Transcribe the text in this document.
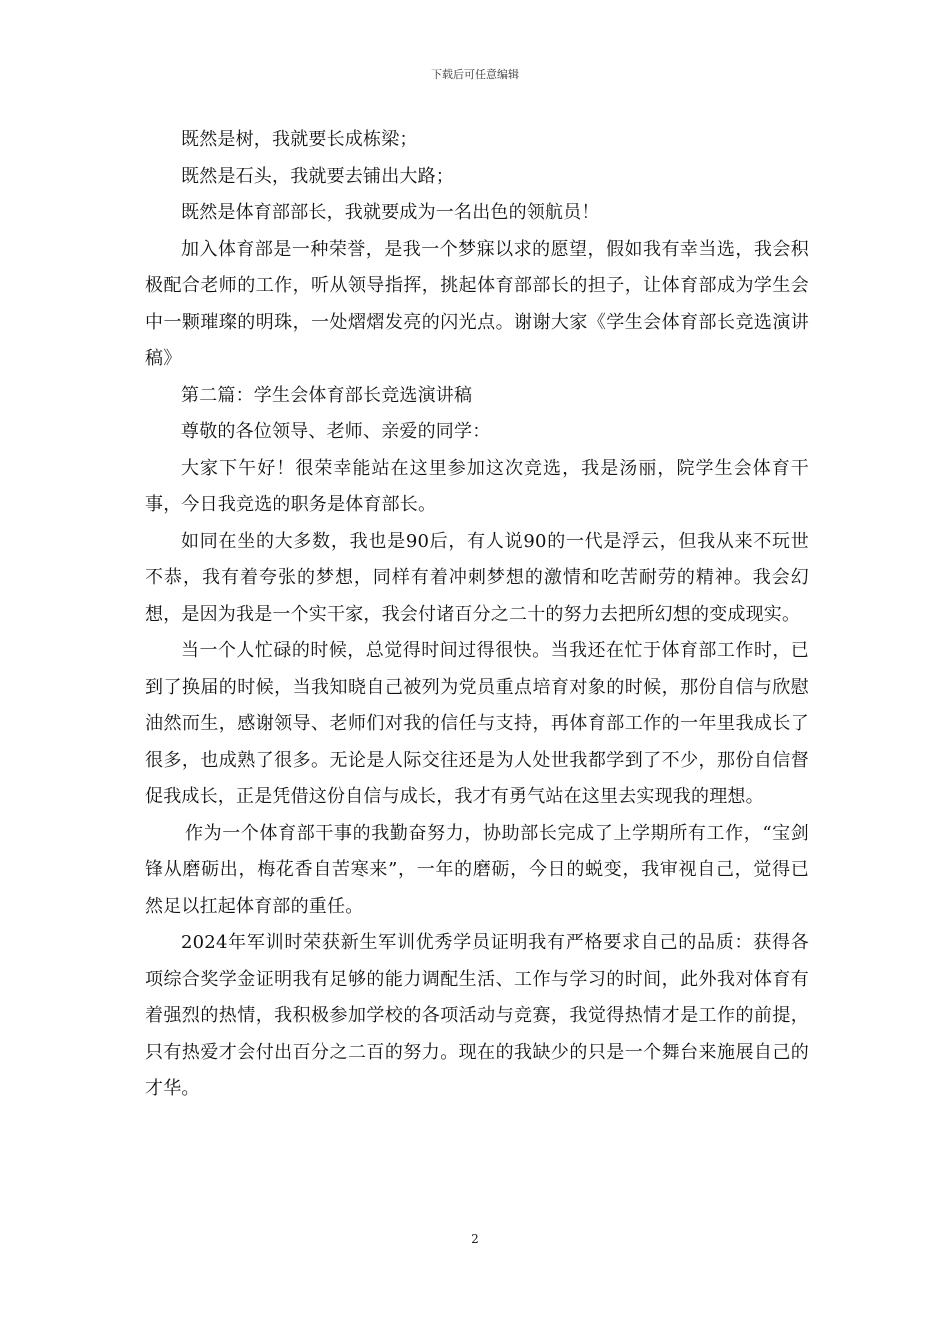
下载后可任意编辑

既然是树，我就要长成栋梁；

既然是石头，我就要去铺出大路；

既然是体育部部长，我就要成为一名出色的领航员！

加入体育部是一种荣誉，是我一个梦寐以求的愿望，假如我有幸当选，我会积极配合老师的工作，听从领导指挥，挑起体育部部长的担子，让体育部成为学生会中一颗璀璨的明珠，一处熠熠发亮的闪光点。谢谢大家《学生会体育部长竞选演讲稿》

第二篇：学生会体育部长竞选演讲稿

尊敬的各位领导、老师、亲爱的同学：

大家下午好！很荣幸能站在这里参加这次竞选，我是汤丽，院学生会体育干事，今日我竞选的职务是体育部长。

如同在坐的大多数，我也是90后，有人说90的一代是浮云，但我从来不玩世不恭，我有着夸张的梦想，同样有着冲刺梦想的激情和吃苦耐劳的精神。我会幻想，是因为我是一个实干家，我会付诸百分之二十的努力去把所幻想的变成现实。

当一个人忙碌的时候，总觉得时间过得很快。当我还在忙于体育部工作时，已到了换届的时候，当我知晓自己被列为党员重点培育对象的时候，那份自信与欣慰油然而生，感谢领导、老师们对我的信任与支持，再体育部工作的一年里我成长了很多，也成熟了很多。无论是人际交往还是为人处世我都学到了不少，那份自信督促我成长，正是凭借这份自信与成长，我才有勇气站在这里去实现我的理想。

作为一个体育部干事的我勤奋努力，协助部长完成了上学期所有工作，“宝剑锋从磨砺出，梅花香自苦寒来”，一年的磨砺，今日的蜕变，我审视自己，觉得已然足以扛起体育部的重任。

2024年军训时荣获新生军训优秀学员证明我有严格要求自己的品质：获得各项综合奖学金证明我有足够的能力调配生活、工作与学习的时间，此外我对体育有着强烈的热情，我积极参加学校的各项活动与竞赛，我觉得热情才是工作的前提，只有热爱才会付出百分之二百的努力。现在的我缺少的只是一个舞台来施展自己的才华。

2
